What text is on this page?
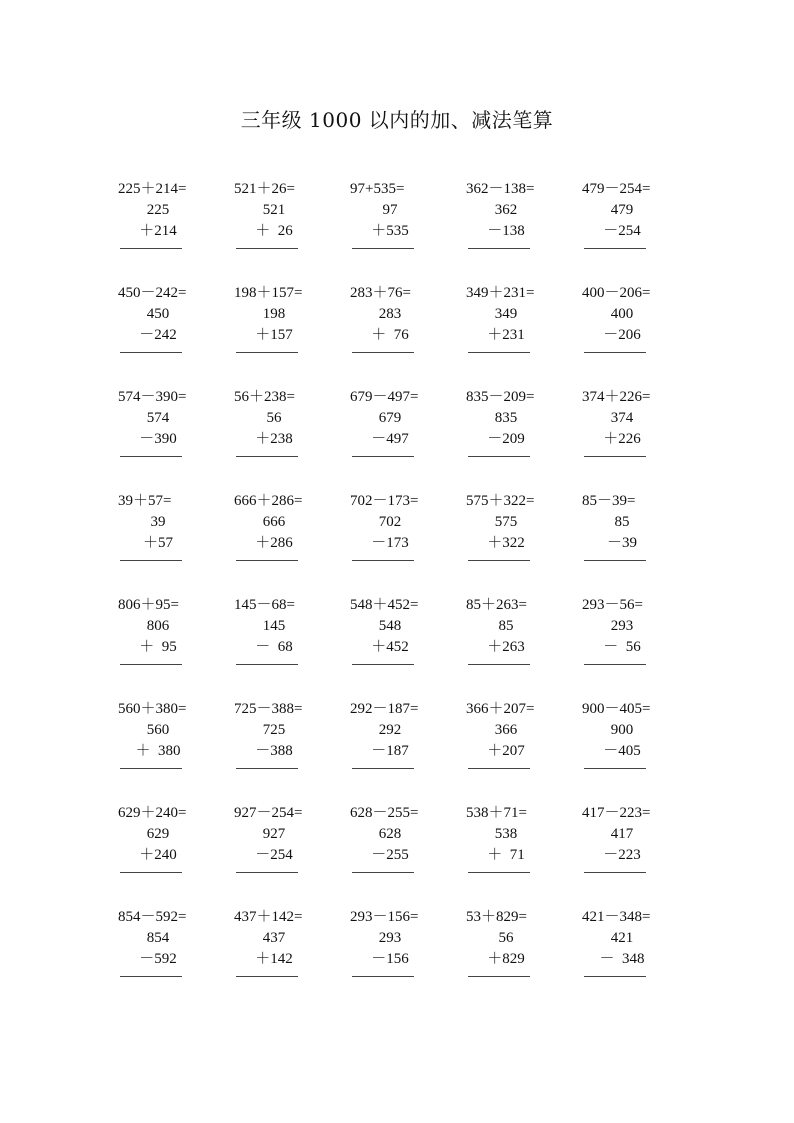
三年级 1000 以内的加、减法笔算
225＋214=
225
＋214
521＋26=
521
＋  26
97+535=
97
＋535
362－138=
362
－138
479－254=
479
－254
450－242=
450
－242
198＋157=
198
＋157
283＋76=
283
＋  76
349＋231=
349
＋231
400－206=
400
－206
574－390=
574
－390
56＋238=
56
＋238
679－497=
679
－497
835－209=
835
－209
374＋226=
374
＋226
39＋57=
39
＋57
666＋286=
666
＋286
702－173=
702
－173
575＋322=
575
＋322
85－39=
85
－39
806＋95=
806
＋  95
145－68=
145
－  68
548＋452=
548
＋452
85＋263=
85
＋263
293－56=
293
－  56
560＋380=
560
＋  380
725－388=
725
－388
292－187=
292
－187
366＋207=
366
＋207
900－405=
900
－405
629＋240=
629
＋240
927－254=
927
－254
628－255=
628
－255
538＋71=
538
＋  71
417－223=
417
－223
854－592=
854
－592
437＋142=
437
＋142
293－156=
293
－156
53＋829=
56
＋829
421－348=
421
－  348
